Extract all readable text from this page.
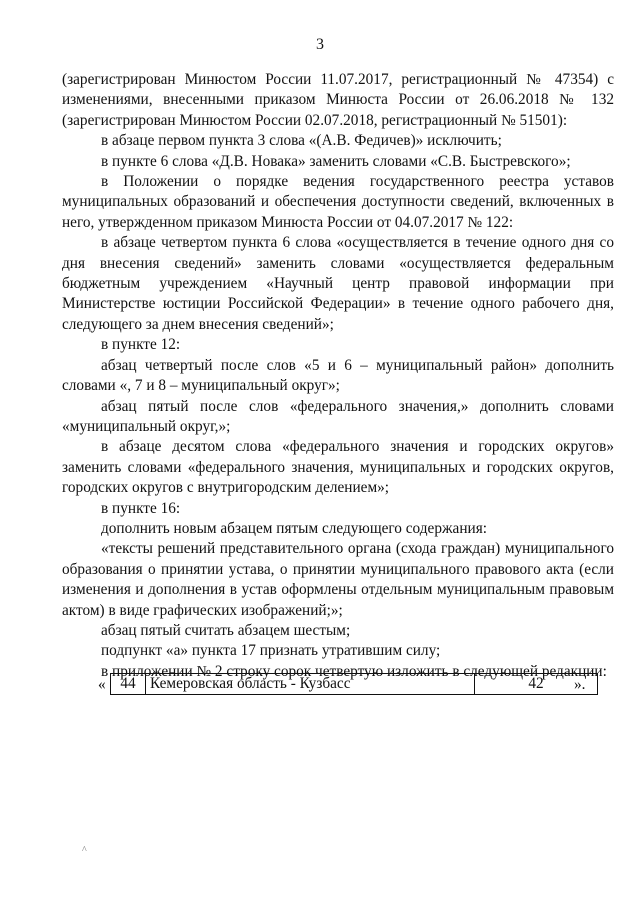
3

(зарегистрирован Минюстом России 11.07.2017, регистрационный № 47354) с изменениями, внесенными приказом Минюста России от 26.06.2018 № 132 (зарегистрирован Минюстом России 02.07.2018, регистрационный № 51501):

в абзаце первом пункта 3 слова «(А.В. Федичев)» исключить;

в пункте 6 слова «Д.В. Новака» заменить словами «С.В. Быстревского»;

в Положении о порядке ведения государственного реестра уставов муниципальных образований и обеспечения доступности сведений, включенных в него, утвержденном приказом Минюста России от 04.07.2017 № 122:

в абзаце четвертом пункта 6 слова «осуществляется в течение одного дня со дня внесения сведений» заменить словами «осуществляется федеральным бюджетным учреждением «Научный центр правовой информации при Министерстве юстиции Российской Федерации» в течение одного рабочего дня, следующего за днем внесения сведений»;

в пункте 12:

абзац четвертый после слов «5 и 6 – муниципальный район» дополнить словами «, 7 и 8 – муниципальный округ»;

абзац пятый после слов «федерального значения,» дополнить словами «муниципальный округ,»;

в абзаце десятом слова «федерального значения и городских округов» заменить словами «федерального значения, муниципальных и городских округов, городских округов с внутригородским делением»;

в пункте 16:

дополнить новым абзацем пятым следующего содержания:

«тексты решений представительного органа (схода граждан) муниципального образования о принятии устава, о принятии муниципального правового акта (если изменения и дополнения в устав оформлены отдельным муниципальным правовым актом) в виде графических изображений;»;

абзац пятый считать абзацем шестым;

подпункт «а» пункта 17 признать утратившим силу;

в приложении № 2 строку сорок четвертую изложить в следующей редакции:

« 44	Кемеровская область - Кузбасс	42 ».
^
